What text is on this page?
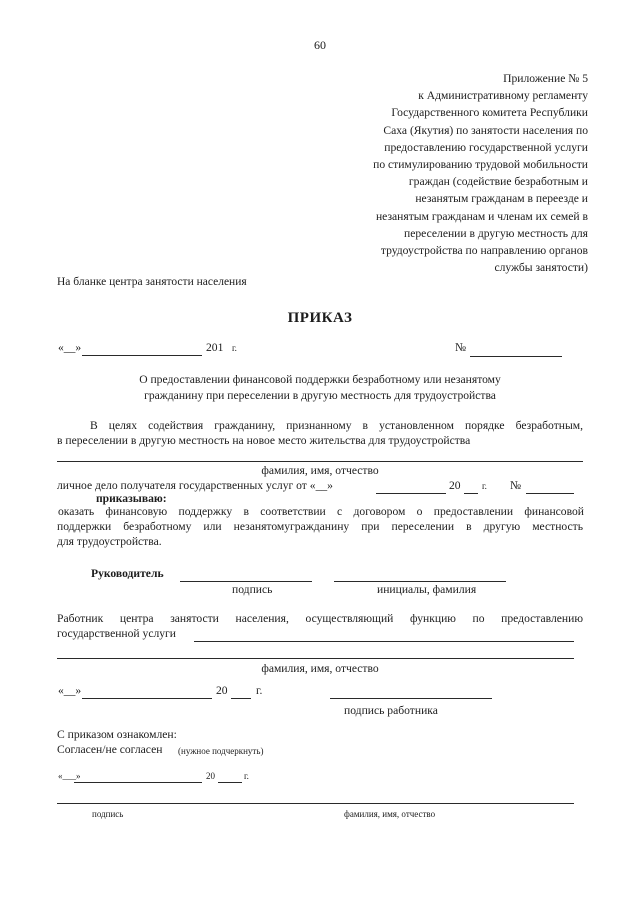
60
Приложение № 5
к Административному регламенту
Государственного комитета Республики
Саха (Якутия) по занятости населения по
предоставлению государственной услуги
по стимулированию трудовой мобильности
граждан (содействие безработным и
незанятым гражданам в переезде и
незанятым гражданам и членам их семей в
переселении в другую местность для
трудоустройства по направлению органов
службы занятости)
На бланке центра занятости населения
ПРИКАЗ
«__»	201 г.	№
О предоставлении финансовой поддержки безработному или незанятому
гражданину при переселении в другую местность для трудоустройства
В целях содействия гражданину, признанному в установленном порядке безработным,
в переселении в другую местность на новое место жительства для трудоустройства
фамилия, имя, отчество
личное дело получателя государственных услуг от «__»	20 г. №
приказываю:
оказать финансовую поддержку в соответствии с договором о предоставлении финансовой
поддержки безработному или незанятомугражданину при переселении в другую местность
для трудоустройства.
Руководитель
подпись	инициалы, фамилия
Работник центра занятости населения, осуществляющий функцию по предоставлению
государственной услуги
фамилия, имя, отчество
«__»	20 г.
подпись работника
С приказом ознакомлен:
Согласен/не согласен (нужное подчеркнуть)
«___»	20	г.
подпись	фамилия, имя, отчество
